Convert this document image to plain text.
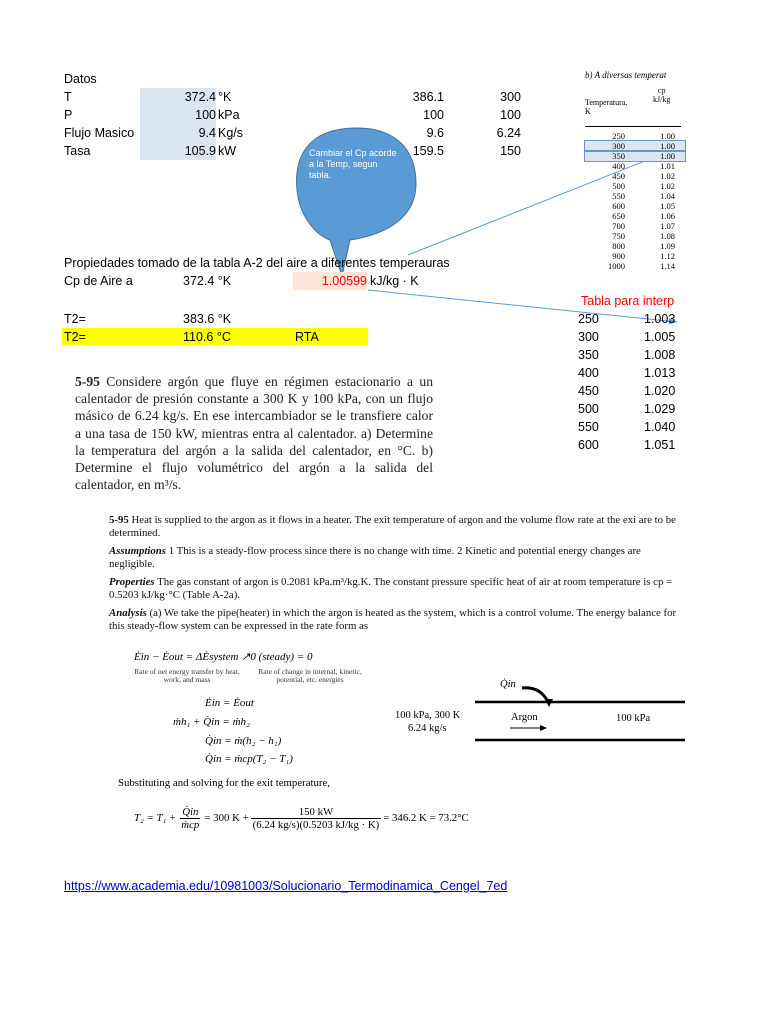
Datos
T	372.4 °K	386.1	300
P	100 kPa	100	100
Flujo Masico	9.4 Kg/s	9.6	6.24
Tasa	105.9 kW	159.5	150
Cambiar el Cp acorde a la Temp, segun tabla.
Propiedades tomado de la tabla A-2 del aire a diferentes temperauras
Cp de Aire a	372.4 °K	1.00599 kJ/kg · K
T2=	383.6 °K
T2=	110.6 °C	RTA
b) A diversas temperat
Temperatura,
K
cp
kJ/kg
250	1.00
300	1.00
350	1.00
400	1.01
450	1.02
500	1.02
550	1.04
600	1.05
650	1.06
700	1.07
750	1.08
800	1.09
900	1.12
1000	1.14
Tabla para interp
250	1.003
300	1.005
350	1.008
400	1.013
450	1.020
500	1.029
550	1.040
600	1.051
5-95 Considere argón que fluye en régimen estacionario a un calentador de presión constante a 300 K y 100 kPa, con un flujo másico de 6.24 kg/s. En ese intercambiador se le transfiere calor a una tasa de 150 kW, mientras entra al calentador. a) Determine la temperatura del argón a la salida del calentador, en °C. b) Determine el flujo volumétrico del argón a la salida del calentador, en m³/s.
5-95 Heat is supplied to the argon as it flows in a heater. The exit temperature of argon and the volume flow rate at the exi are to be determined.
Assumptions 1 This is a steady-flow process since there is no change with time. 2 Kinetic and potential energy changes are negligible.
Properties The gas constant of argon is 0.2081 kPa.m³/kg.K. The constant pressure specific heat of air at room temperature is cp = 0.5203 kJ/kg·°C (Table A-2a).
Analysis (a) We take the pipe(heater) in which the argon is heated as the system, which is a control volume. The energy balance for this steady-flow system can be expressed in the rate form as
Ėin − Ėout = ΔĖsystem ↗0 (steady) = 0
Rate of net energy transfer by heat, work, and mass
Rate of change in internal, kinetic, potential, etc. energies
Ėin = Ėout
ṁh₁ + Q̇in = ṁh₂
Q̇in = ṁ(h₂ − h₁)
Q̇in = ṁcp(T₂ − T₁)
Q̇in
100 kPa, 300 K
6.24 kg/s
Argon	100 kPa
Substituting and solving for the exit temperature,
T₂ = T₁ +
Q̇in
ṁcp
= 300 $K + \frac{150 kW}{(6.24 kg/s)(0.5203 kJ/kg \cdot K)} = 346.2$ K = 73.2°C
https://www.academia.edu/10981003/Solucionario_Termodinamica_Cengel_7ed
